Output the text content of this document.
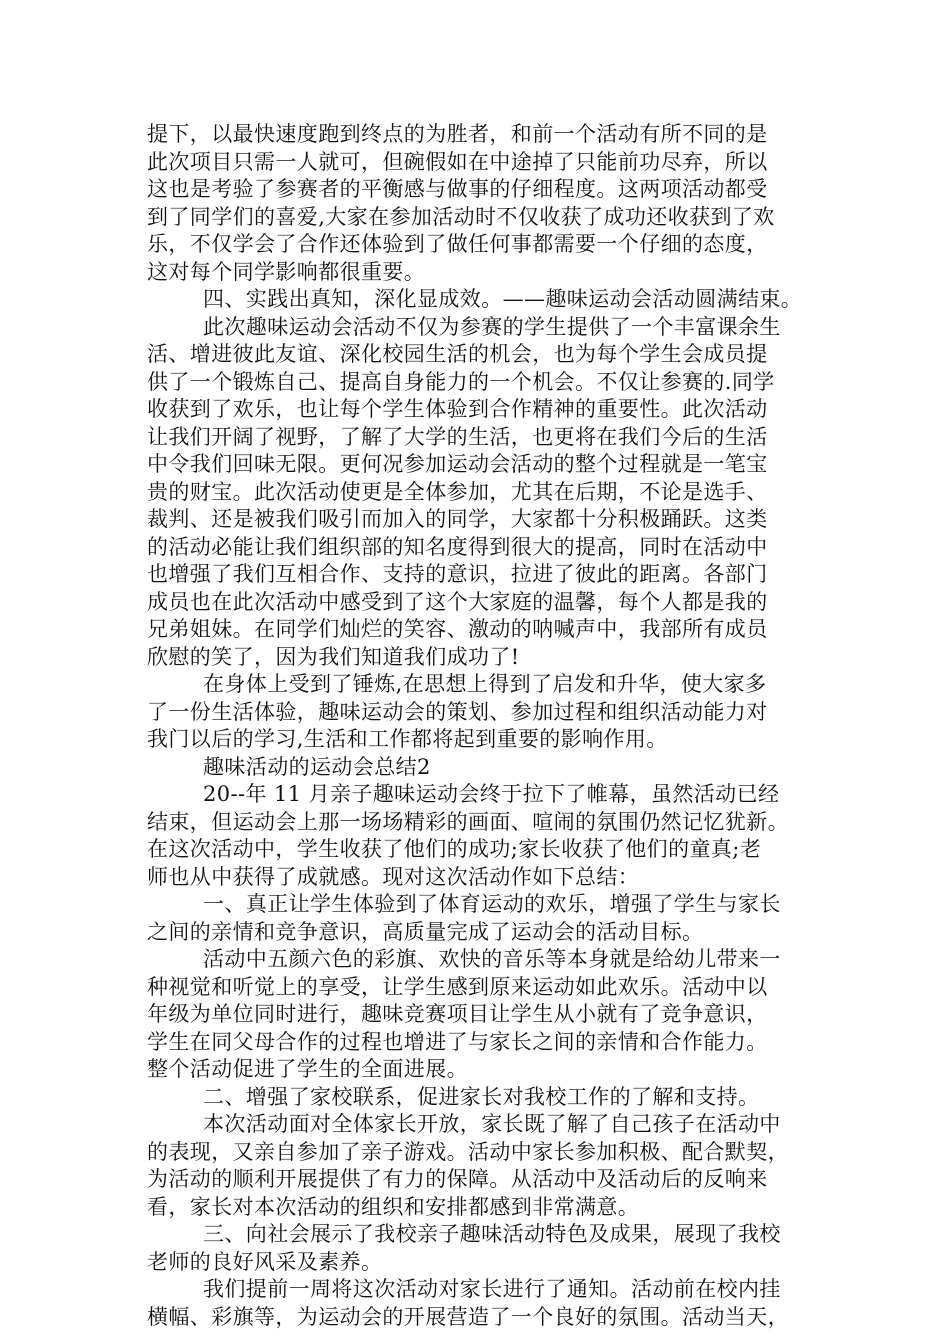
提下，以最快速度跑到终点的为胜者，和前一个活动有所不同的是
此次项目只需一人就可，但碗假如在中途掉了只能前功尽弃，所以
这也是考验了参赛者的平衡感与做事的仔细程度。这两项活动都受
到了同学们的喜爱,大家在参加活动时不仅收获了成功还收获到了欢
乐，不仅学会了合作还体验到了做任何事都需要一个仔细的态度，
这对每个同学影响都很重要。
四、实践出真知，深化显成效。——趣味运动会活动圆满结束。
此次趣味运动会活动不仅为参赛的学生提供了一个丰富课余生
活、增进彼此友谊、深化校园生活的机会，也为每个学生会成员提
供了一个锻炼自己、提高自身能力的一个机会。不仅让参赛的.同学
收获到了欢乐，也让每个学生体验到合作精神的重要性。此次活动
让我们开阔了视野，了解了大学的生活，也更将在我们今后的生活
中令我们回味无限。更何况参加运动会活动的整个过程就是一笔宝
贵的财宝。此次活动使更是全体参加，尤其在后期，不论是选手、
裁判、还是被我们吸引而加入的同学，大家都十分积极踊跃。这类
的活动必能让我们组织部的知名度得到很大的提高，同时在活动中
也增强了我们互相合作、支持的意识，拉进了彼此的距离。各部门
成员也在此次活动中感受到了这个大家庭的温馨，每个人都是我的
兄弟姐妹。在同学们灿烂的笑容、激动的呐喊声中，我部所有成员
欣慰的笑了，因为我们知道我们成功了!
在身体上受到了锤炼,在思想上得到了启发和升华，使大家多
了一份生活体验，趣味运动会的策划、参加过程和组织活动能力对
我门以后的学习,生活和工作都将起到重要的影响作用。
趣味活动的运动会总结2
20--年 11 月亲子趣味运动会终于拉下了帷幕，虽然活动已经
结束，但运动会上那一场场精彩的画面、喧闹的氛围仍然记忆犹新。
在这次活动中，学生收获了他们的成功;家长收获了他们的童真;老
师也从中获得了成就感。现对这次活动作如下总结：
一、真正让学生体验到了体育运动的欢乐，增强了学生与家长
之间的亲情和竞争意识，高质量完成了运动会的活动目标。
活动中五颜六色的彩旗、欢快的音乐等本身就是给幼儿带来一
种视觉和听觉上的享受，让学生感到原来运动如此欢乐。活动中以
年级为单位同时进行，趣味竞赛项目让学生从小就有了竞争意识，
学生在同父母合作的过程也增进了与家长之间的亲情和合作能力。
整个活动促进了学生的全面进展。
二、增强了家校联系，促进家长对我校工作的了解和支持。
本次活动面对全体家长开放，家长既了解了自己孩子在活动中
的表现，又亲自参加了亲子游戏。活动中家长参加积极、配合默契，
为活动的顺利开展提供了有力的保障。从活动中及活动后的反响来
看，家长对本次活动的组织和安排都感到非常满意。
三、向社会展示了我校亲子趣味活动特色及成果，展现了我校
老师的良好风采及素养。
我们提前一周将这次活动对家长进行了通知。活动前在校内挂
横幅、彩旗等，为运动会的开展营造了一个良好的氛围。活动当天，
